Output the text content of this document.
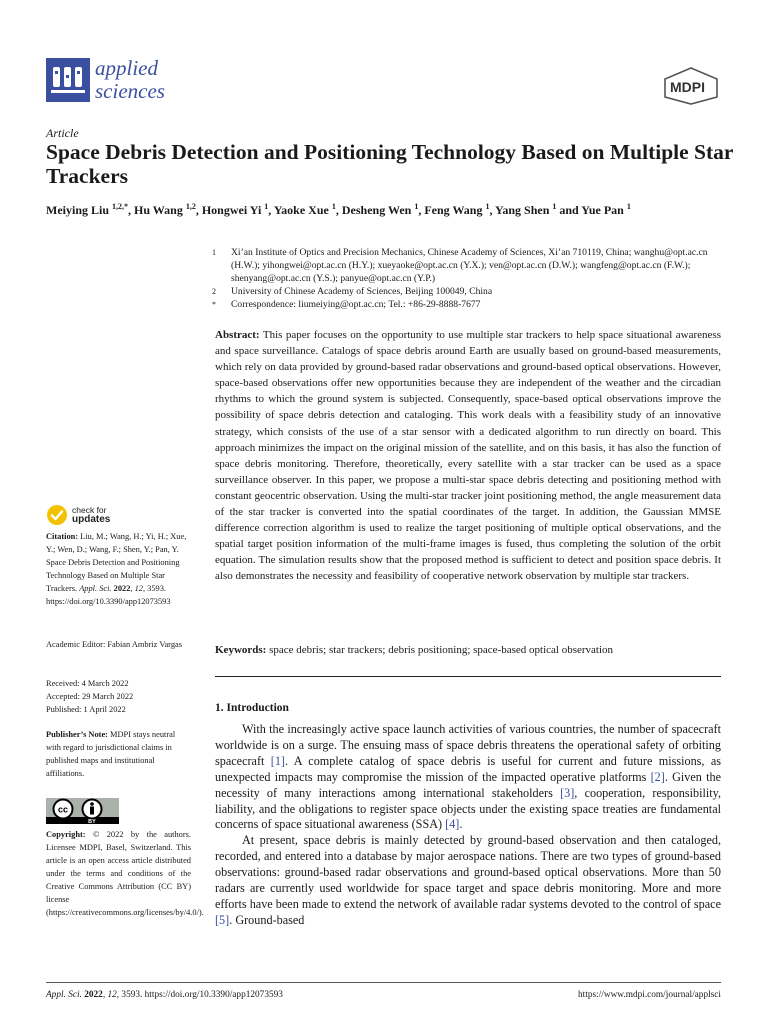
applied
sciences	MDPI
Article
Space Debris Detection and Positioning Technology Based on Multiple Star Trackers
Meiying Liu $^{1,2,*}$, Hu Wang $^{1,2}$, Hongwei Yi $^1$, Yaoke Xue $^1$, Desheng Wen $^1$, Feng Wang $^1$, Yang Shen $^1$ and Yue Pan $^1$
1	Xi’an Institute of Optics and Precision Mechanics, Chinese Academy of Sciences, Xi’an 710119, China; wanghu@opt.ac.cn (H.W.); yihongwei@opt.ac.cn (H.Y.); xueyaoke@opt.ac.cn (Y.X.); ven@opt.ac.cn (D.W.); wangfeng@opt.ac.cn (F.W.); shenyang@opt.ac.cn (Y.S.); panyue@opt.ac.cn (Y.P.)
2	University of Chinese Academy of Sciences, Beijing 100049, China
*	Correspondence: liumeiying@opt.ac.cn; Tel.: +86-29-8888-7677
Abstract: This paper focuses on the opportunity to use multiple star trackers to help space situational awareness and space surveillance. Catalogs of space debris around Earth are usually based on ground-based measurements, which rely on data provided by ground-based radar observations and ground-based optical observations. However, space-based observations offer new opportunities because they are independent of the weather and the circadian rhythms to which the ground system is subjected. Consequently, space-based optical observations improve the possibility of space debris detection and cataloging. This work deals with a feasibility study of an innovative strategy, which consists of the use of a star sensor with a dedicated algorithm to run directly on board. This approach minimizes the impact on the original mission of the satellite, and on this basis, it has also the function of space debris monitoring. Therefore, theoretically, every satellite with a star tracker can be used as a space surveillance observer. In this paper, we propose a multi-star space debris detecting and positioning method with constant geocentric observation. Using the multi-star tracker joint positioning method, the angle measurement data of the star tracker is converted into the spatial coordinates of the target. In addition, the Gaussian MMSE difference correction algorithm is used to realize the target positioning of multiple optical observations, and the spatial target position information of the multi-frame images is fused, thus completing the solution of the orbit equation. The simulation results show that the proposed method is sufficient to detect and position space debris. It also demonstrates the necessity and feasibility of cooperative network observation by multiple star trackers.
Keywords: space debris; star trackers; debris positioning; space-based optical observation
1. Introduction

With the increasingly active space launch activities of various countries, the number of spacecraft worldwide is on a surge. The ensuing mass of space debris threatens the operational safety of orbiting spacecraft [1]. A complete catalog of space debris is useful for current and future missions, as unexpected impacts may compromise the mission of the impacted operative platforms [2]. Given the necessity of many interactions among international stakeholders [3], cooperation, responsibility, liability, and the obligations to register space objects under the existing space treaties are fundamental concerns of space situational awareness (SSA) [4].

At present, space debris is mainly detected by ground-based observation and then cataloged, recorded, and entered into a database by major aerospace nations. There are two types of ground-based observations: ground-based radar observations and ground-based optical observations. More than 50 radars are currently used worldwide for space target and space debris monitoring. More and more efforts have been made to extend the network of available radar systems devoted to the control of space [5]. Ground-based

check for
updates
Citation: Liu, M.; Wang, H.; Yi, H.; Xue, Y.; Wen, D.; Wang, F.; Shen, Y.; Pan, Y. Space Debris Detection and Positioning Technology Based on Multiple Star Trackers. Appl. Sci. 2022, 12, 3593. https://doi.org/10.3390/app12073593
Academic Editor: Fabian Ambriz Vargas
Received: 4 March 2022
Accepted: 29 March 2022
Published: 1 April 2022
Publisher’s Note: MDPI stays neutral with regard to jurisdictional claims in published maps and institutional affiliations.
cc
BY
Copyright: © 2022 by the authors. Licensee MDPI, Basel, Switzerland. This article is an open access article distributed under the terms and conditions of the Creative Commons Attribution (CC BY) license (https://creativecommons.org/licenses/by/4.0/).
Appl. Sci. 2022, 12, 3593. https://doi.org/10.3390/app12073593	https://www.mdpi.com/journal/applsci
